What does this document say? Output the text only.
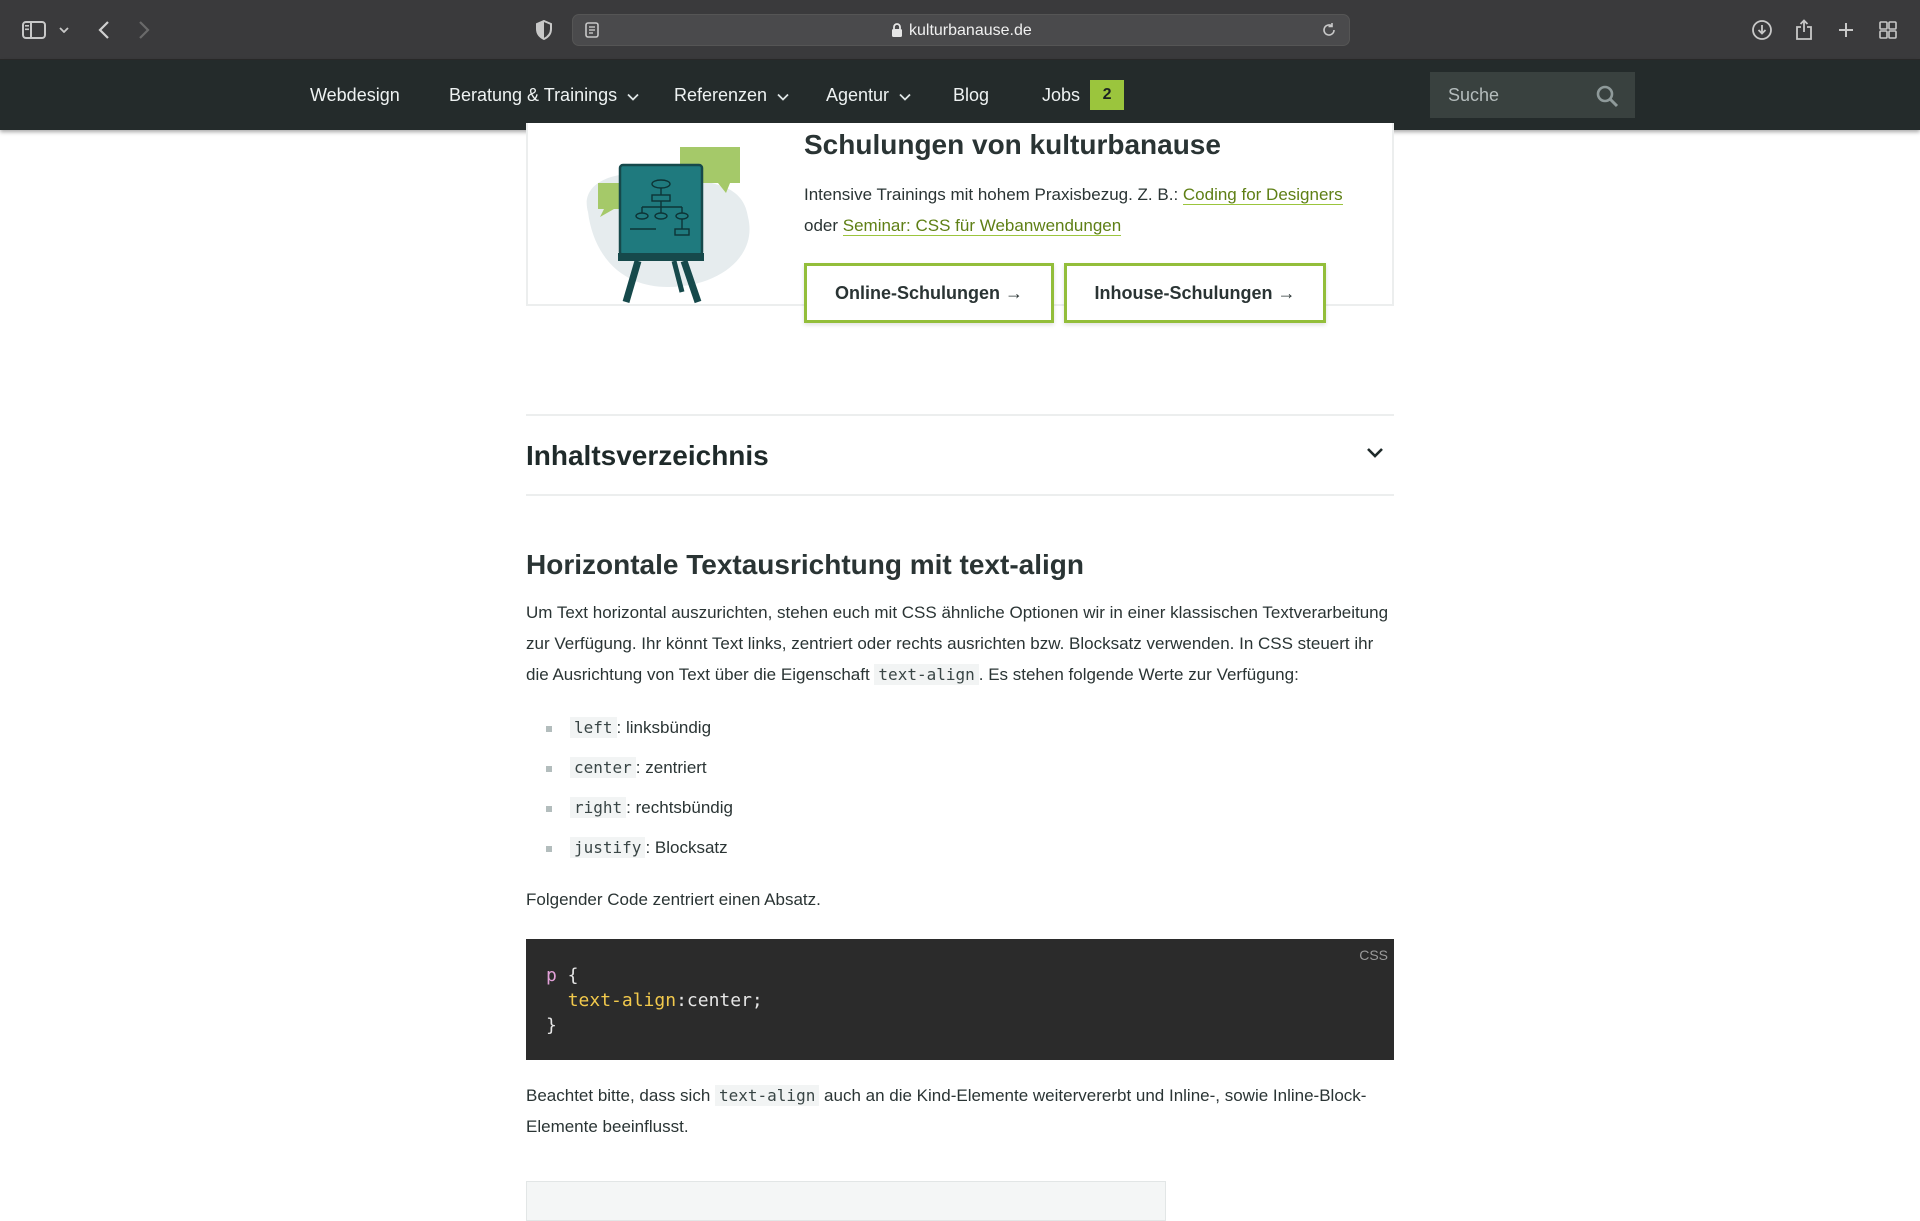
kulturbanause.de
Webdesign	Beratung & Trainings	Referenzen	Agentur	Blog	Jobs	2
Suche
Schulungen von kulturbanause

Intensive Trainings mit hohem Praxisbezug. Z. B.: Coding for Designers oder Seminar: CSS für Webanwendungen

Online-Schulungen →	Inhouse-Schulungen →
Inhaltsverzeichnis
Horizontale Textausrichtung mit text-align

Um Text horizontal auszurichten, stehen euch mit CSS ähnliche Optionen wir in einer klassischen Textverarbeitung zur Verfügung. Ihr könnt Text links, zentriert oder rechts ausrichten bzw. Blocksatz verwenden. In CSS steuert ihr die Ausrichtung von Text über die Eigenschaft text-align . Es stehen folgende Werte zur Verfügung:

left : linksbündig
center : zentriert
right : rechtsbündig
justify : Blocksatz

Folgender Code zentriert einen Absatz.

CSS
p {
text-align:center;
}

Beachtet bitte, dass sich text-align auch an die Kind-Elemente weitervererbt und Inline-, sowie Inline-Block-Elemente beeinflusst.
